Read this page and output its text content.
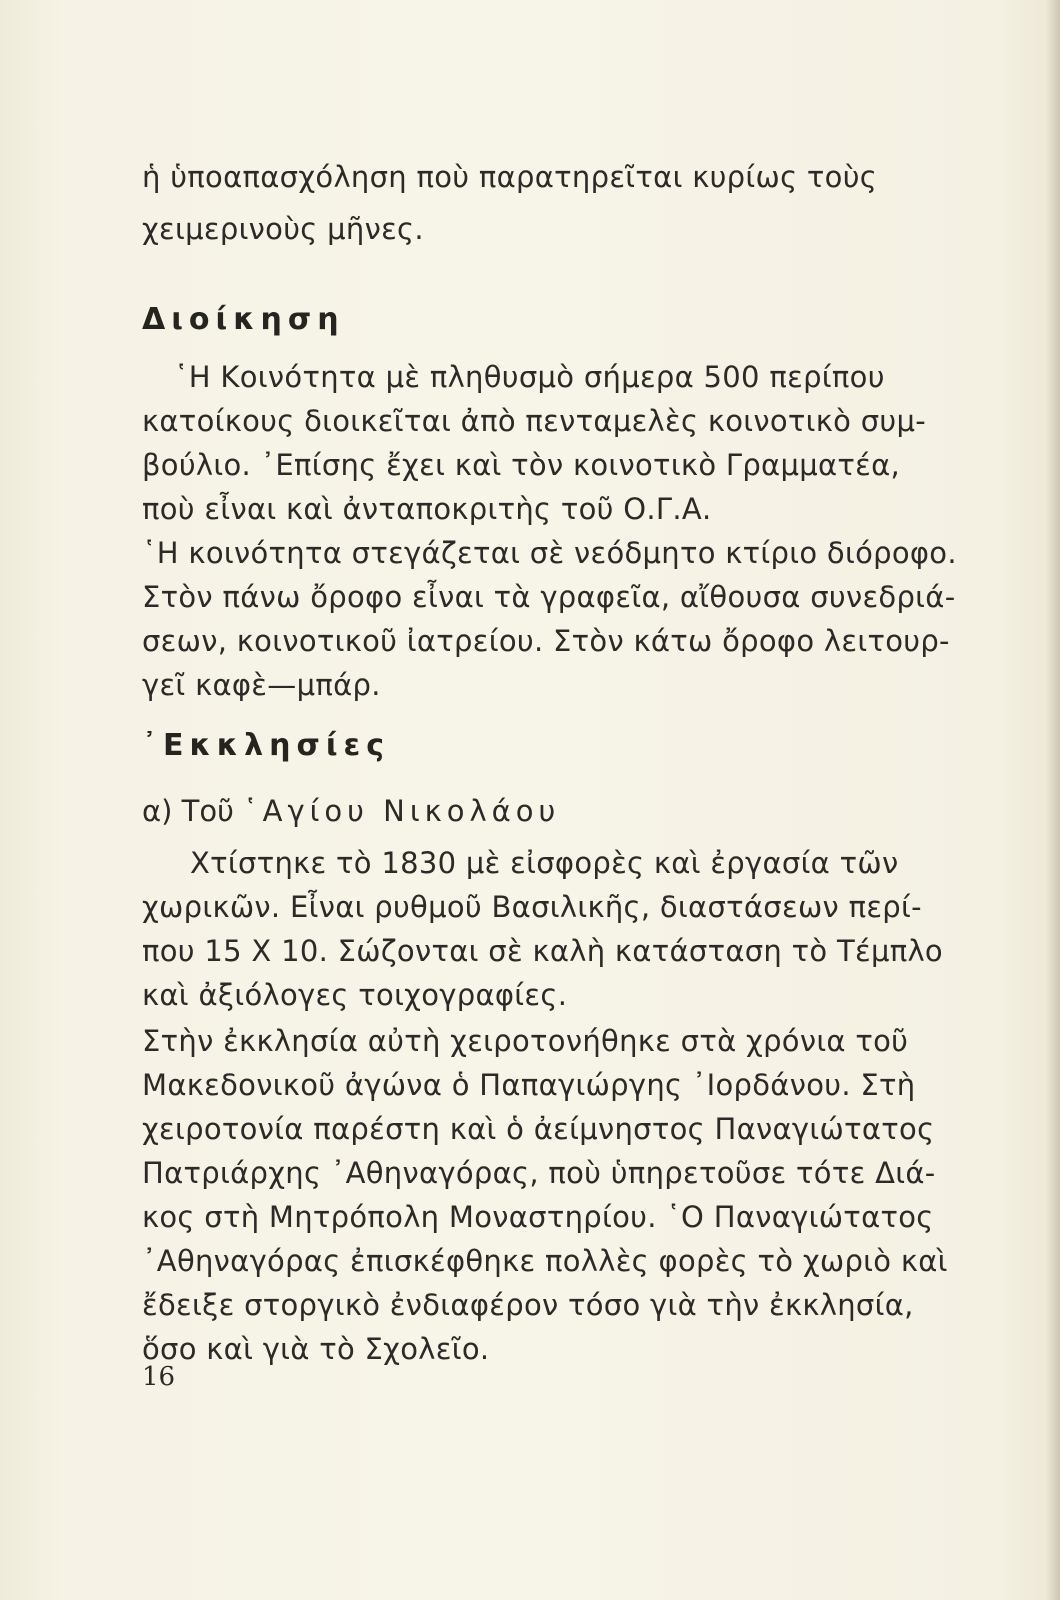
ἡ ὑποαπασχόληση ποὺ παρατηρεῖται κυρίως τοὺς
χειμερινοὺς μῆνες.
Διοίκηση
῾Η Κοινότητα μὲ πληθυσμὸ σήμερα 500 περίπου
κατοίκους διοικεῖται ἀπὸ πενταμελὲς κοινοτικὸ συμ-
βούλιο. ᾿Επίσης ἔχει καὶ τὸν κοινοτικὸ Γραμματέα,
ποὺ εἶναι καὶ ἀνταποκριτὴς τοῦ Ο.Γ.Α.
῾Η κοινότητα στεγάζεται σὲ νεόδμητο κτίριο διόροφο.
Στὸν πάνω ὄροφο εἶναι τὰ γραφεῖα, αἴθουσα συνεδριά-
σεων, κοινοτικοῦ ἰατρείου. Στὸν κάτω ὄροφο λειτουρ-
γεῖ καφὲ—μπάρ.
᾿Εκκλησίες
α) Τοῦ ῾Αγίου Νικολάου
Χτίστηκε τὸ 1830 μὲ εἰσφορὲς καὶ ἐργασία τῶν
χωρικῶν. Εἶναι ρυθμοῦ Βασιλικῆς, διαστάσεων περί-
που 15 Χ 10. Σώζονται σὲ καλὴ κατάσταση τὸ Τέμπλο
καὶ ἀξιόλογες τοιχογραφίες.
Στὴν ἐκκλησία αὐτὴ χειροτονήθηκε στὰ χρόνια τοῦ
Μακεδονικοῦ ἀγώνα ὁ Παπαγιώργης ᾿Ιορδάνου. Στὴ
χειροτονία παρέστη καὶ ὁ ἀείμνηστος Παναγιώτατος
Πατριάρχης ᾿Αθηναγόρας, ποὺ ὑπηρετοῦσε τότε Διά-
κος στὴ Μητρόπολη Μοναστηρίου. ῾Ο Παναγιώτατος
᾿Αθηναγόρας ἐπισκέφθηκε πολλὲς φορὲς τὸ χωριὸ καὶ
ἔδειξε στοργικὸ ἐνδιαφέρον τόσο γιὰ τὴν ἐκκλησία,
ὅσο καὶ γιὰ τὸ Σχολεῖο.
16
